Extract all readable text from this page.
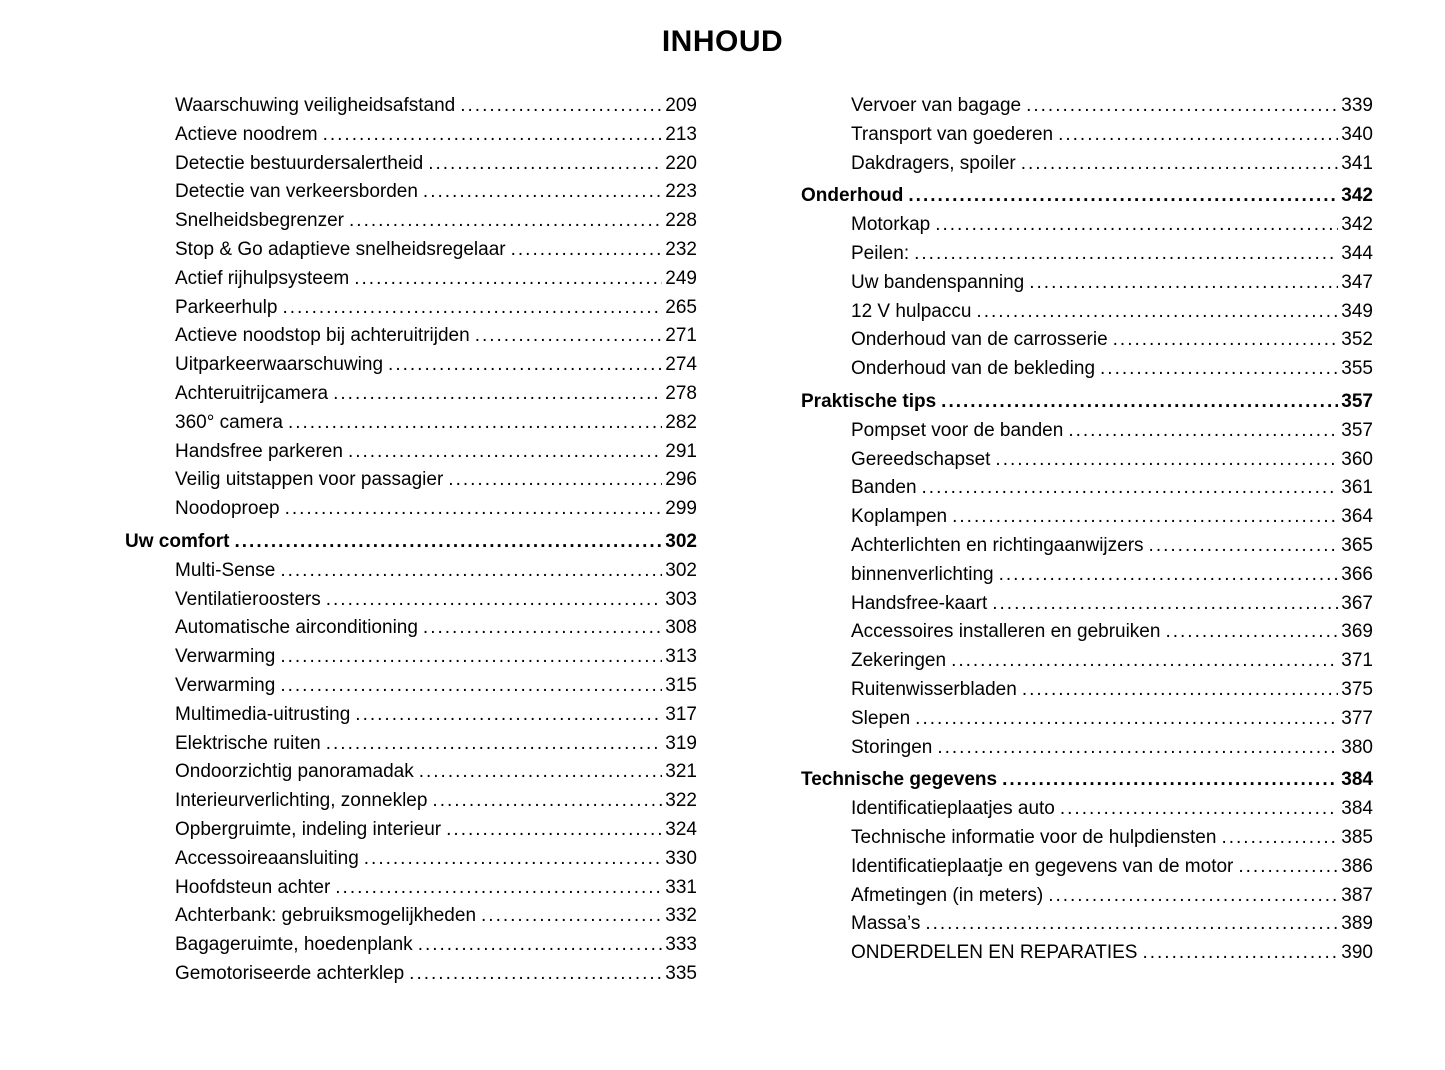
INHOUD
Waarschuwing veiligheidsafstand .....	209
Actieve noodrem .....	213
Detectie bestuurdersalertheid .....	220
Detectie van verkeersborden .....	223
Snelheidsbegrenzer .....	228
Stop & Go adaptieve snelheidsregelaar .....	232
Actief rijhulpsysteem .....	249
Parkeerhulp .....	265
Actieve noodstop bij achteruitrijden .....	271
Uitparkeerwaarschuwing .....	274
Achteruitrijcamera .....	278
360° camera .....	282
Handsfree parkeren .....	291
Veilig uitstappen voor passagier .....	296
Noodoproep .....	299
Uw comfort .....	302
Multi-Sense .....	302
Ventilatieroosters .....	303
Automatische airconditioning .....	308
Verwarming .....	313
Verwarming .....	315
Multimedia-uitrusting .....	317
Elektrische ruiten .....	319
Ondoorzichtig panoramadak .....	321
Interieurverlichting, zonneklep .....	322
Opbergruimte, indeling interieur .....	324
Accessoireaansluiting .....	330
Hoofdsteun achter .....	331
Achterbank: gebruiksmogelijkheden .....	332
Bagageruimte, hoedenplank .....	333
Gemotoriseerde achterklep .....	335
Vervoer van bagage .....	339
Transport van goederen .....	340
Dakdragers, spoiler .....	341
Onderhoud .....	342
Motorkap .....	342
Peilen: .....	344
Uw bandenspanning .....	347
12 V hulpaccu .....	349
Onderhoud van de carrosserie .....	352
Onderhoud van de bekleding .....	355
Praktische tips .....	357
Pompset voor de banden .....	357
Gereedschapset .....	360
Banden .....	361
Koplampen .....	364
Achterlichten en richtingaanwijzers .....	365
binnenverlichting .....	366
Handsfree-kaart .....	367
Accessoires installeren en gebruiken .....	369
Zekeringen .....	371
Ruitenwisserbladen .....	375
Slepen .....	377
Storingen .....	380
Technische gegevens .....	384
Identificatieplaatjes auto .....	384
Technische informatie voor de hulpdiensten .....	385
Identificatieplaatje en gegevens van de motor .....	386
Afmetingen (in meters) .....	387
Massa’s .....	389
ONDERDELEN EN REPARATIES .....	390
